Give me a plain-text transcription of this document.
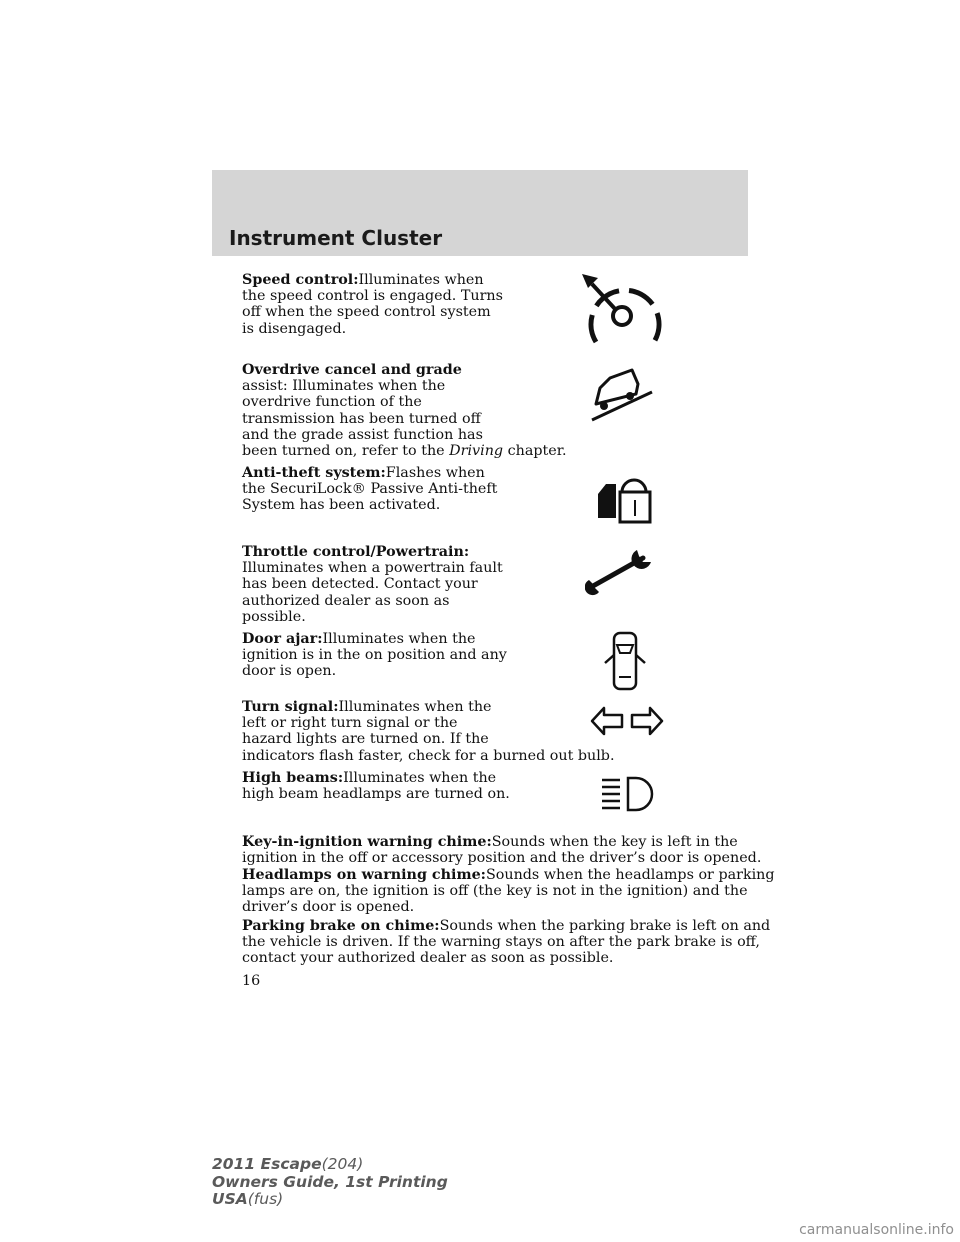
Instrument Cluster
Speed control:Illuminates when
the speed control is engaged. Turns
off when the speed control system
is disengaged.
Overdrive cancel and grade
assist: Illuminates when the
overdrive function of the
transmission has been turned off
and the grade assist function has
been turned on, refer to the Driving chapter.
Anti-theft system:Flashes when
the SecuriLock® Passive Anti-theft
System has been activated.
Throttle control/Powertrain:
Illuminates when a powertrain fault
has been detected. Contact your
authorized dealer as soon as
possible.
Door ajar:Illuminates when the
ignition is in the on position and any
door is open.
Turn signal:Illuminates when the
left or right turn signal or the
hazard lights are turned on. If the
indicators flash faster, check for a burned out bulb.
High beams:Illuminates when the
high beam headlamps are turned on.
Key-in-ignition warning chime:Sounds when the key is left in the
ignition in the off or accessory position and the driver’s door is opened.
Headlamps on warning chime:Sounds when the headlamps or parking
lamps are on, the ignition is off (the key is not in the ignition) and the
driver’s door is opened.
Parking brake on chime:Sounds when the parking brake is left on and
the vehicle is driven. If the warning stays on after the park brake is off,
contact your authorized dealer as soon as possible.
16
2011 Escape(204)
Owners Guide, 1st Printing
USA(fus)
carmanualsonline.info
